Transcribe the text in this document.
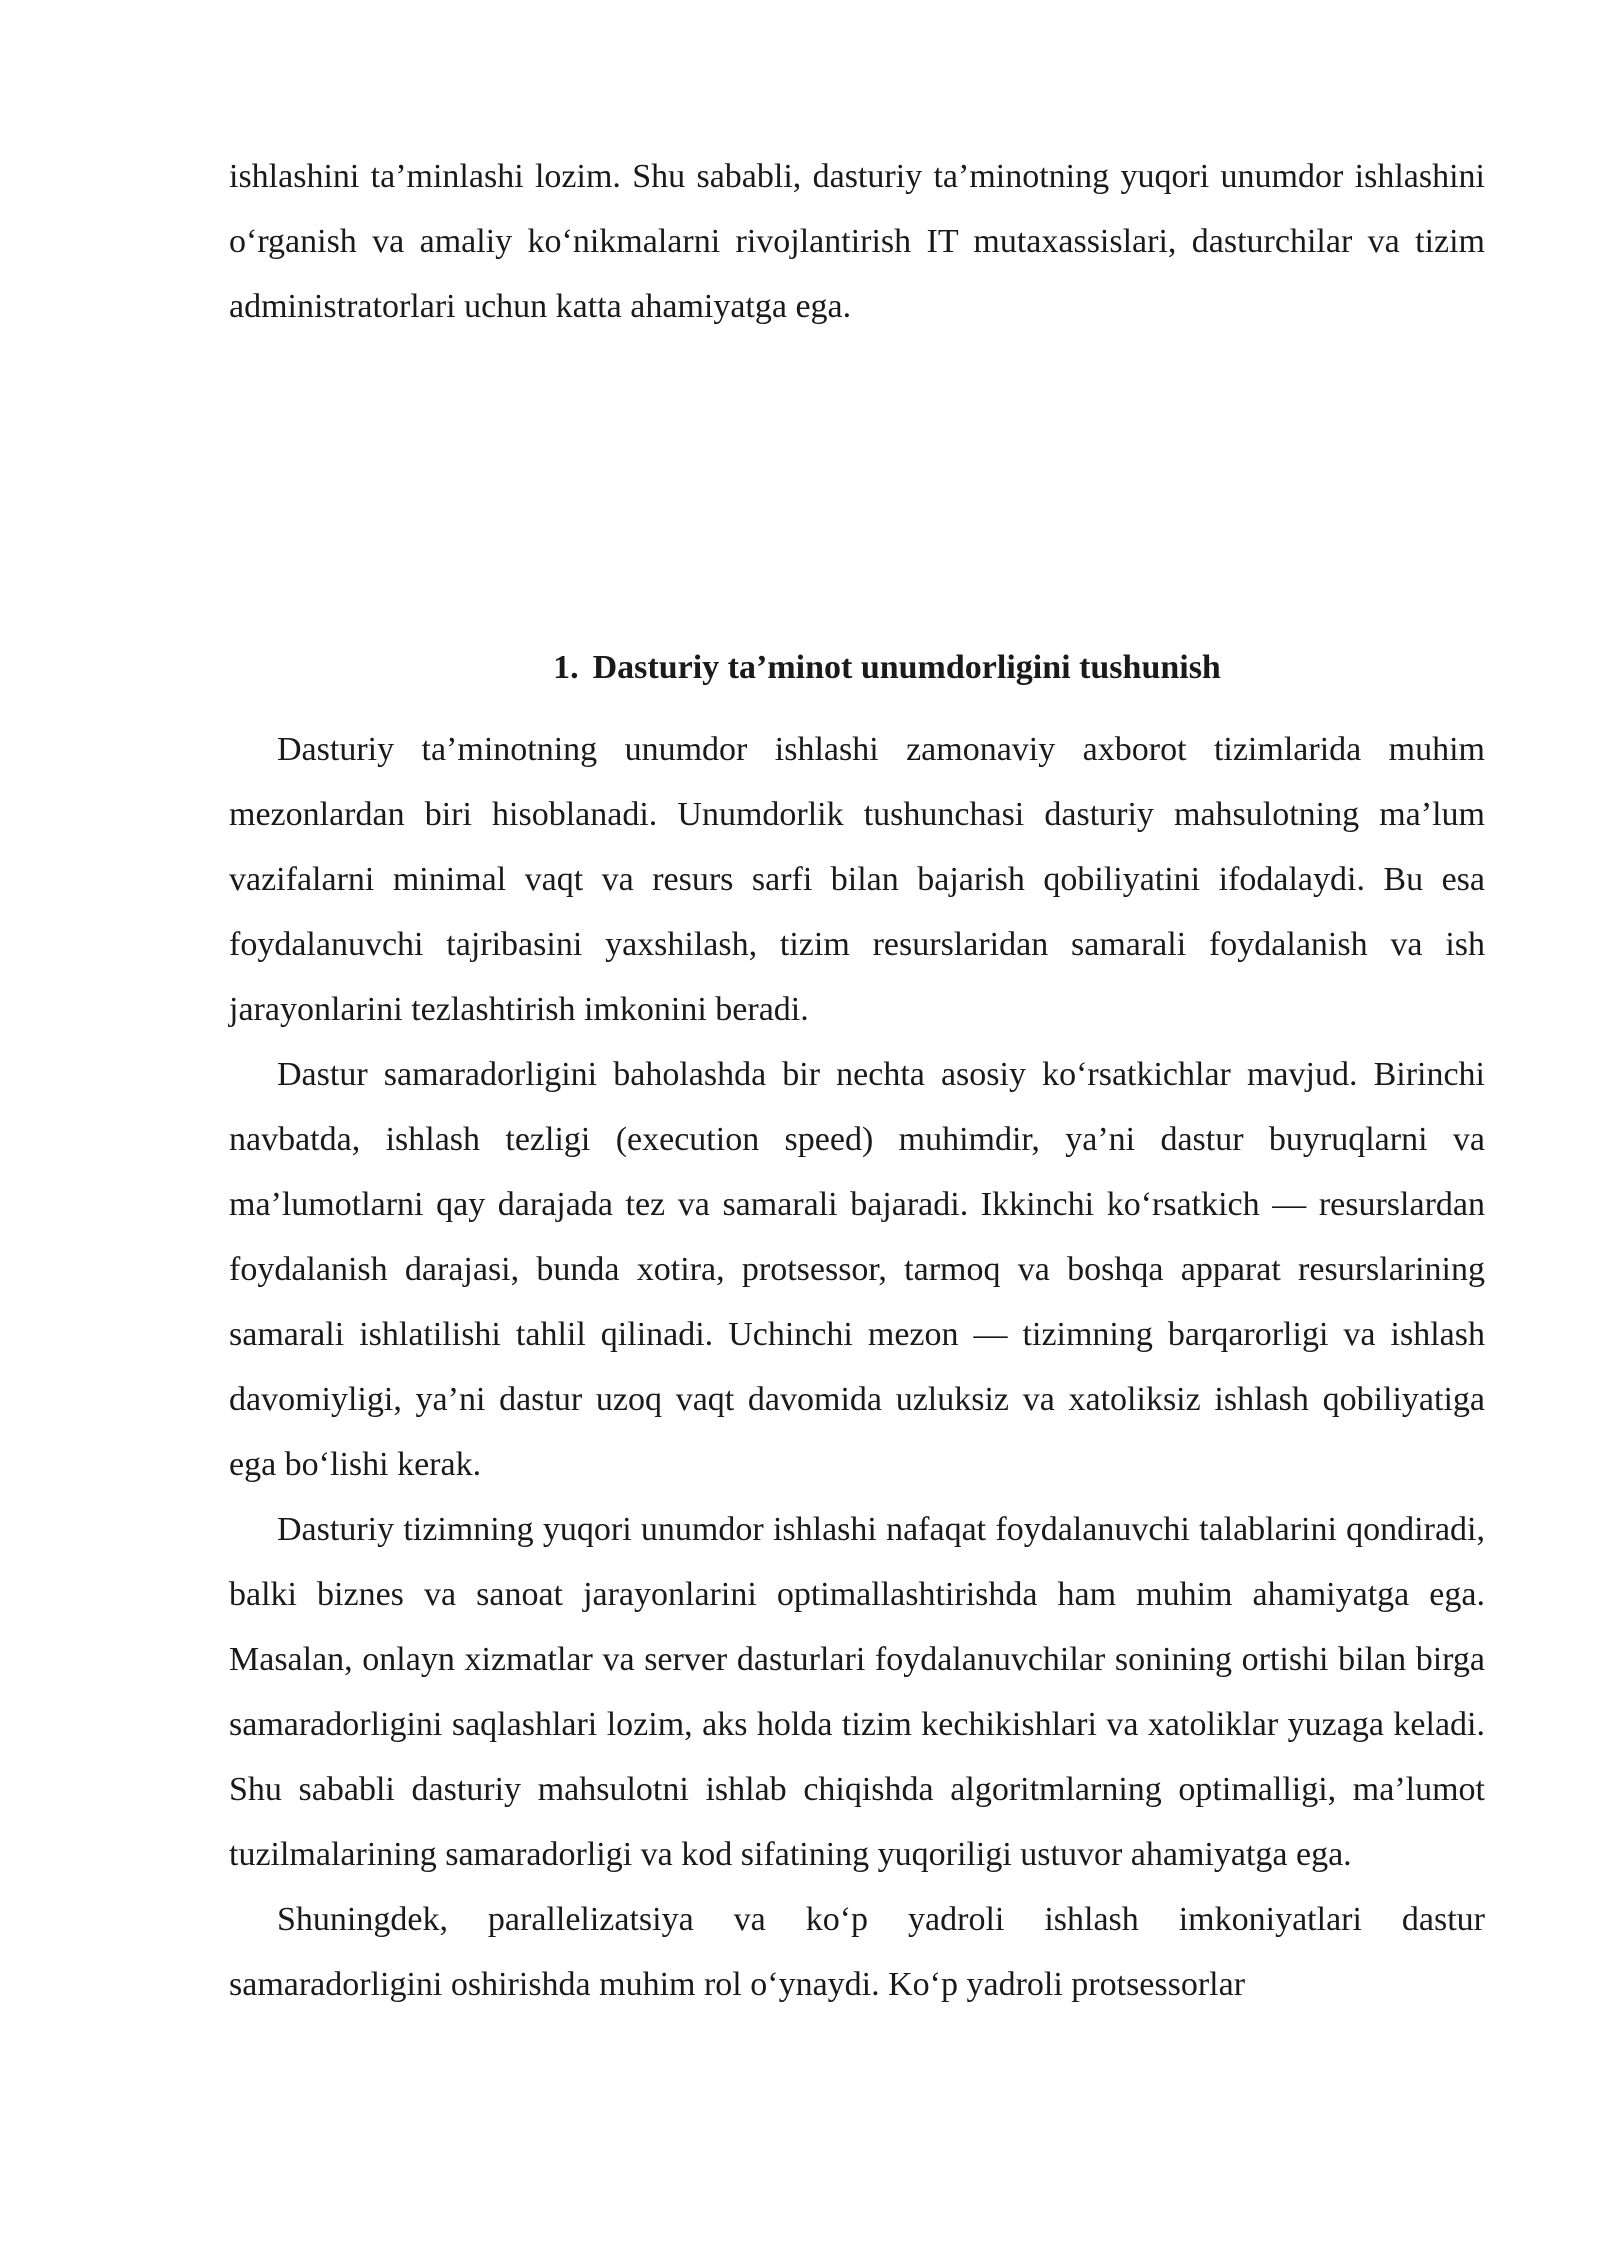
ishlashini ta’minlashi lozim. Shu sababli, dasturiy ta’minotning yuqori unumdor ishlashini o‘rganish va amaliy ko‘nikmalarni rivojlantirish IT mutaxassislari, dasturchilar va tizim administratorlari uchun katta ahamiyatga ega.

1. Dasturiy ta’minot unumdorligini tushunish

Dasturiy ta’minotning unumdor ishlashi zamonaviy axborot tizimlarida muhim mezonlardan biri hisoblanadi. Unumdorlik tushunchasi dasturiy mahsulotning ma’lum vazifalarni minimal vaqt va resurs sarfi bilan bajarish qobiliyatini ifodalaydi. Bu esa foydalanuvchi tajribasini yaxshilash, tizim resurslaridan samarali foydalanish va ish jarayonlarini tezlashtirish imkonini beradi.

Dastur samaradorligini baholashda bir nechta asosiy ko‘rsatkichlar mavjud. Birinchi navbatda, ishlash tezligi (execution speed) muhimdir, ya’ni dastur buyruqlarni va ma’lumotlarni qay darajada tez va samarali bajaradi. Ikkinchi ko‘rsatkich — resurslardan foydalanish darajasi, bunda xotira, protsessor, tarmoq va boshqa apparat resurslarining samarali ishlatilishi tahlil qilinadi. Uchinchi mezon — tizimning barqarorligi va ishlash davomiyligi, ya’ni dastur uzoq vaqt davomida uzluksiz va xatoliksiz ishlash qobiliyatiga ega bo‘lishi kerak.

Dasturiy tizimning yuqori unumdor ishlashi nafaqat foydalanuvchi talablarini qondiradi, balki biznes va sanoat jarayonlarini optimallashtirishda ham muhim ahamiyatga ega. Masalan, onlayn xizmatlar va server dasturlari foydalanuvchilar sonining ortishi bilan birga samaradorligini saqlashlari lozim, aks holda tizim kechikishlari va xatoliklar yuzaga keladi. Shu sababli dasturiy mahsulotni ishlab chiqishda algoritmlarning optimalligi, ma’lumot tuzilmalarining samaradorligi va kod sifatining yuqoriligi ustuvor ahamiyatga ega.

Shuningdek, parallelizatsiya va ko‘p yadroli ishlash imkoniyatlari dastur samaradorligini oshirishda muhim rol o‘ynaydi. Ko‘p yadroli protsessorlar
